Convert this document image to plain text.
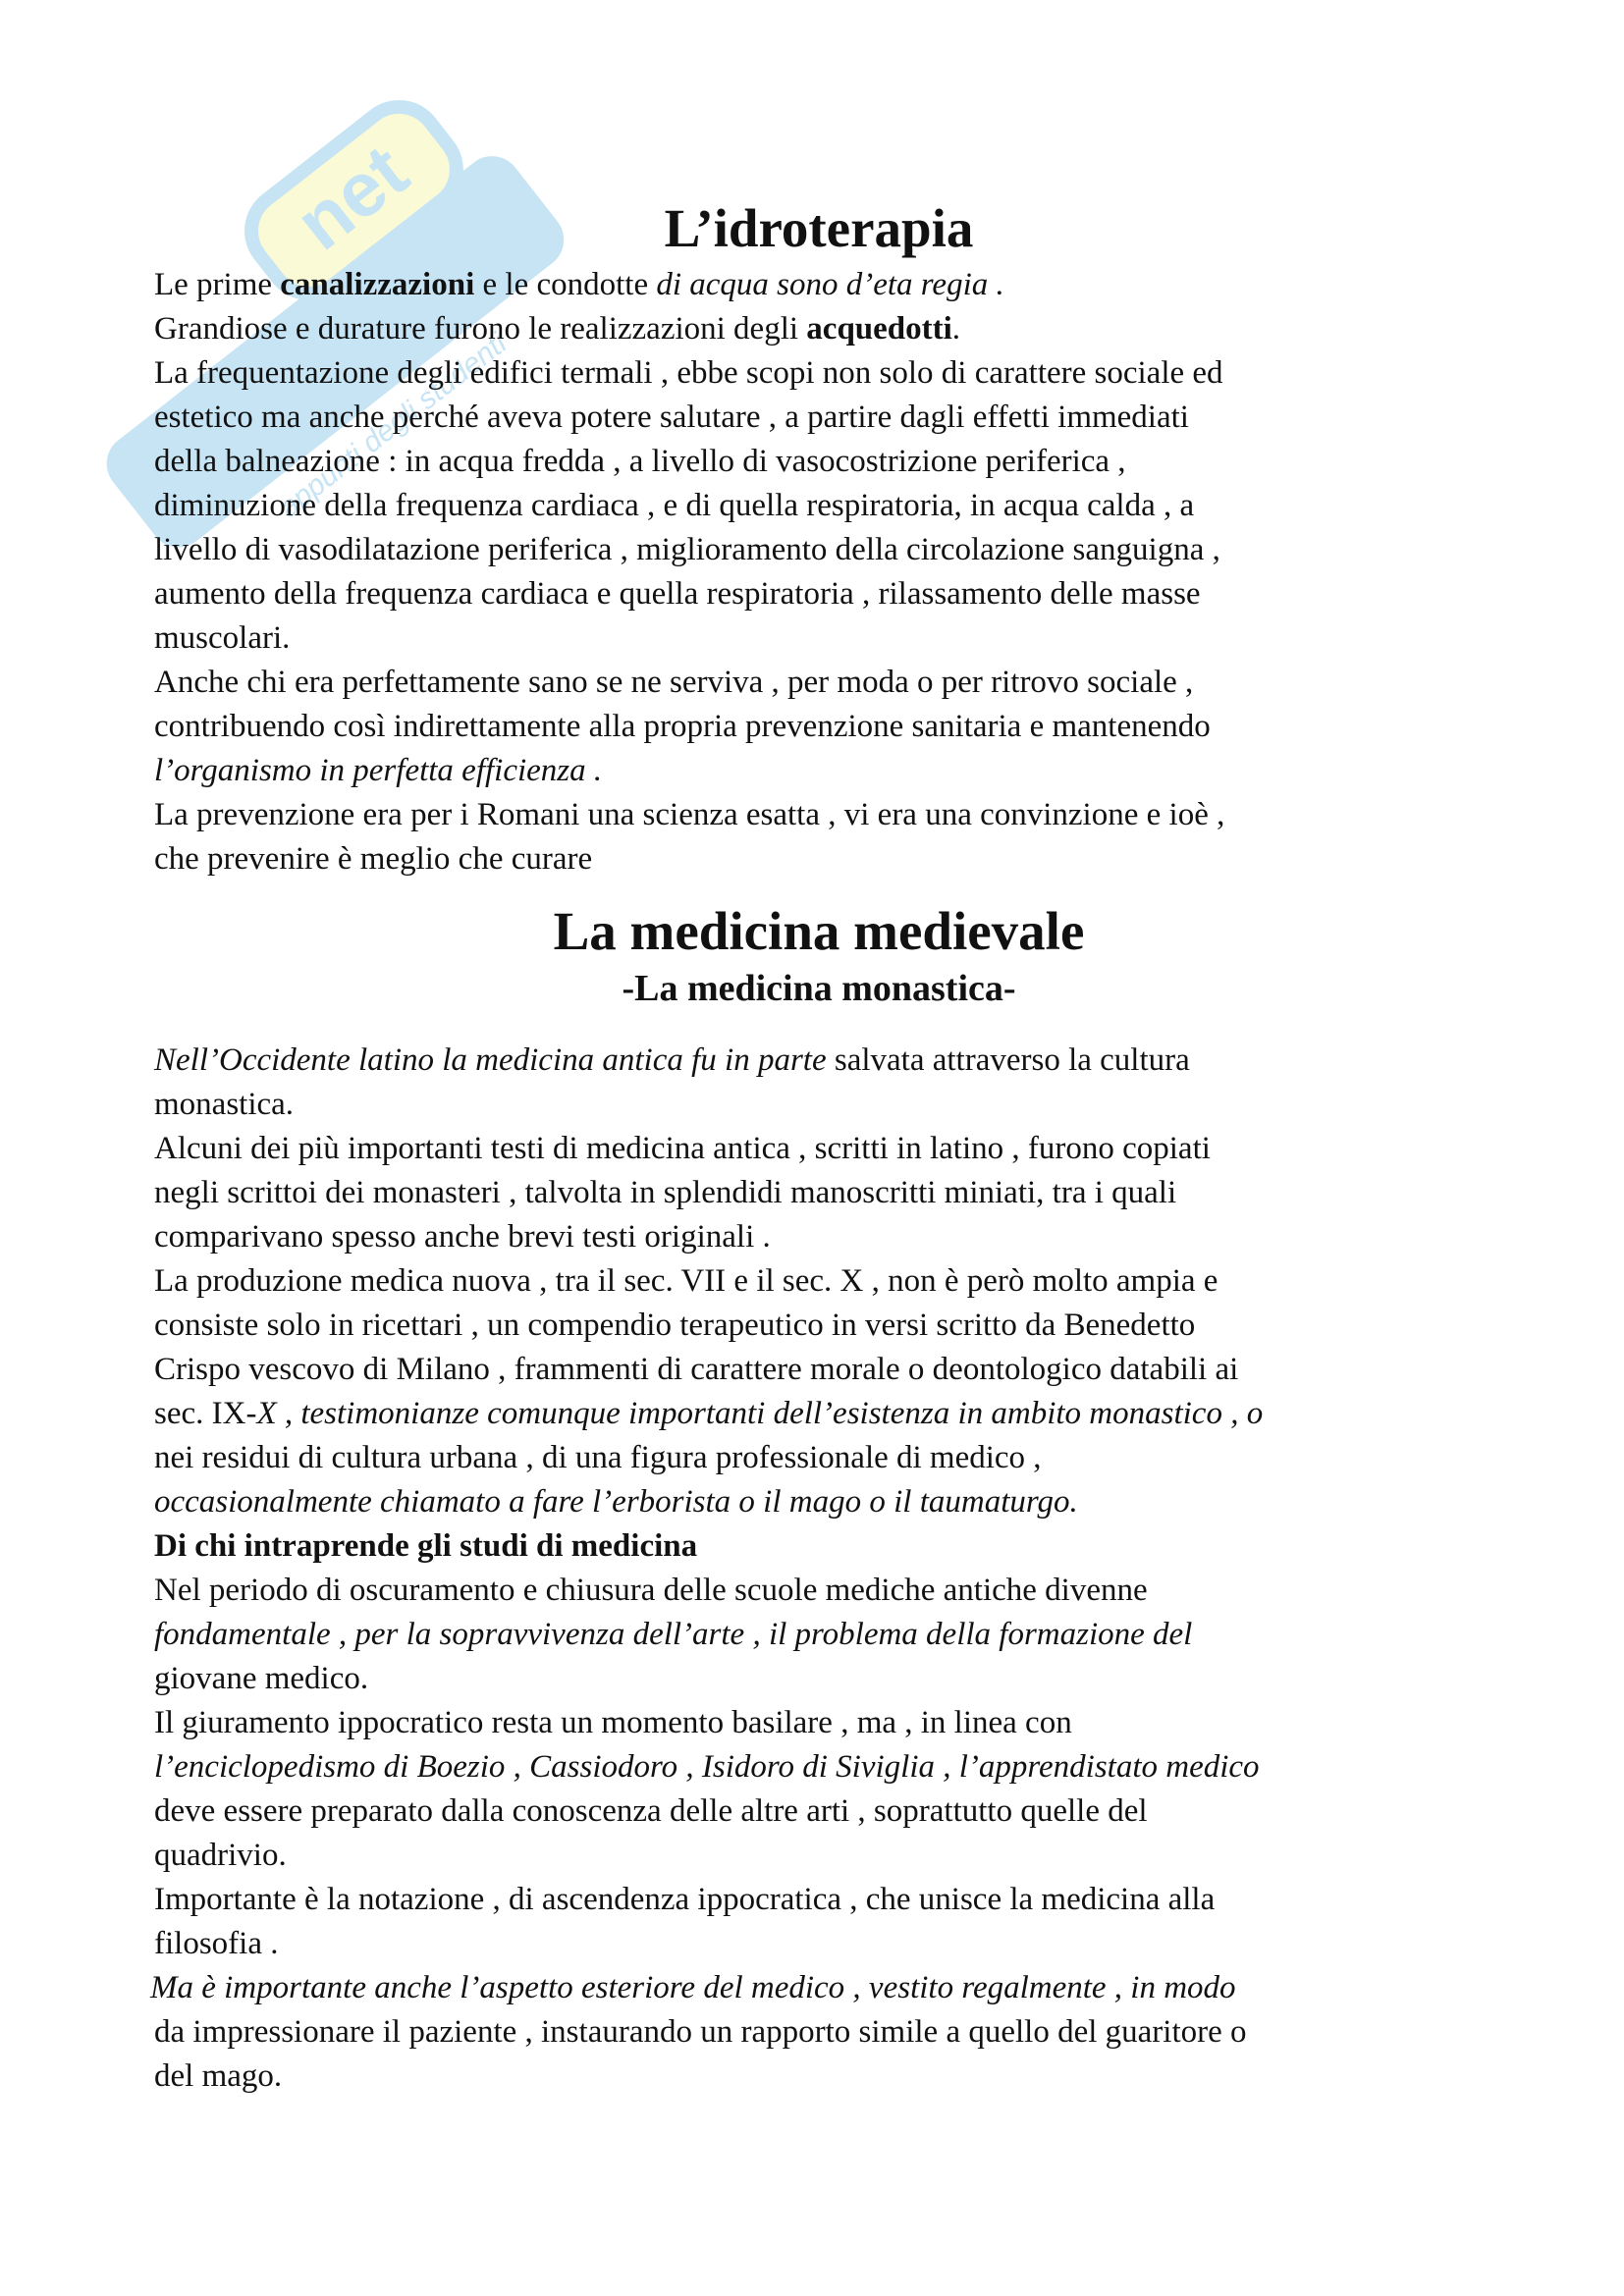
net
appunti degli studenti
L’idroterapia

Le prime canalizzazioni e le condotte di acqua sono d’eta regia .

Grandiose e durature furono le realizzazioni degli acquedotti.

La frequentazione degli edifici termali , ebbe scopi non solo di carattere sociale ed

estetico ma anche perché aveva potere salutare , a partire dagli effetti immediati

della balneazione : in acqua fredda , a livello di vasocostrizione periferica ,

diminuzione della frequenza cardiaca , e di quella respiratoria, in acqua calda , a

livello di vasodilatazione periferica , miglioramento della circolazione sanguigna ,

aumento della frequenza cardiaca e quella respiratoria , rilassamento delle masse

muscolari.

Anche chi era perfettamente sano se ne serviva , per moda o per ritrovo sociale ,

contribuendo così indirettamente alla propria prevenzione sanitaria e mantenendo

l’organismo in perfetta efficienza .

La prevenzione era per i Romani una scienza esatta , vi era una convinzione e ioè ,

che prevenire è meglio che curare

La medicina medievale
-La medicina monastica-

Nell’Occidente latino la medicina antica fu in parte salvata attraverso la cultura

monastica.

Alcuni dei più importanti testi di medicina antica , scritti in latino , furono copiati

negli scrittoi dei monasteri , talvolta in splendidi manoscritti miniati, tra i quali

comparivano spesso anche brevi testi originali .

La produzione medica nuova , tra il sec. VII e il sec. X , non è però molto ampia e

consiste solo in ricettari , un compendio terapeutico in versi scritto da Benedetto

Crispo vescovo di Milano , frammenti di carattere morale o deontologico databili ai

sec. IX-X , testimonianze comunque importanti dell’esistenza in ambito monastico , o

nei residui di cultura urbana , di una figura professionale di medico ,

occasionalmente chiamato a fare l’erborista o il mago o il taumaturgo.

Di chi intraprende gli studi di medicina

Nel periodo di oscuramento e chiusura delle scuole mediche antiche divenne

fondamentale , per la sopravvivenza dell’arte , il problema della formazione del

giovane medico.

Il giuramento ippocratico resta un momento basilare , ma , in linea con

l’enciclopedismo di Boezio , Cassiodoro , Isidoro di Siviglia , l’apprendistato medico

deve essere preparato dalla conoscenza delle altre arti , soprattutto quelle del

quadrivio.

Importante è la notazione , di ascendenza ippocratica , che unisce la medicina alla

filosofia .

Ma è importante anche l’aspetto esteriore del medico , vestito regalmente , in modo

da impressionare il paziente , instaurando un rapporto simile a quello del guaritore o

del mago.
